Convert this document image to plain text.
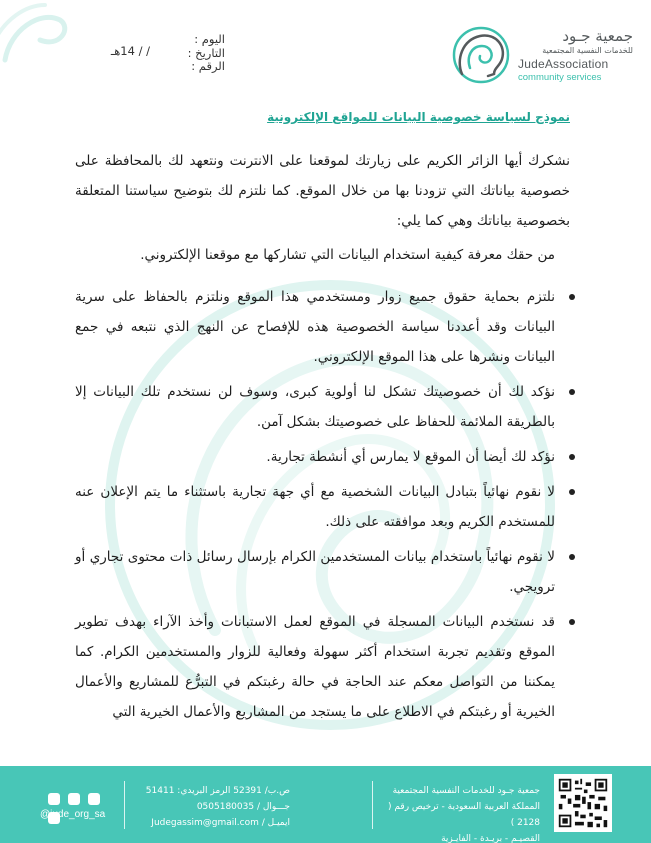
جمعية جـود
للخدمات النفسية المجتمعية
JudeAssociation
community services
اليوم :
التاريخ :
الرقم :
/ / 14هـ
نموذج لسياسة خصوصية البيانات للمواقع الإلكترونية

نشكرك أيها الزائر الكريم على زيارتك لموقعنا على الانترنت ونتعهد لك بالمحافظة على خصوصية بياناتك التي تزودنا بها من خلال الموقع. كما نلتزم لك بتوضيح سياستنا المتعلقة بخصوصية بياناتك وهي كما يلي:

من حقك معرفة كيفية استخدام البيانات التي تشاركها مع موقعنا الإلكتروني.

نلتزم بحماية حقوق جميع زوار ومستخدمي هذا الموقع ونلتزم بالحفاظ على سرية البيانات وقد أعددنا سياسة الخصوصية هذه للإفصاح عن النهج الذي نتبعه في جمع البيانات ونشرها على هذا الموقع الإلكتروني.
نؤكد لك أن خصوصيتك تشكل لنا أولوية كبرى، وسوف لن نستخدم تلك البيانات إلا بالطريقة الملائمة للحفاظ على خصوصيتك بشكل آمن.
نؤكد لك أيضا أن الموقع لا يمارس أي أنشطة تجارية.
لا نقوم نهائياً بتبادل البيانات الشخصية مع أي جهة تجارية باستثناء ما يتم الإعلان عنه للمستخدم الكريم وبعد موافقته على ذلك.
لا نقوم نهائياً باستخدام بيانات المستخدمين الكرام بإرسال رسائل ذات محتوى تجاري أو ترويجي.
قد نستخدم البيانات المسجلة في الموقع لعمل الاستبانات وأخذ الآراء بهدف تطوير الموقع وتقديم تجربة استخدام أكثر سهولة وفعالية للزوار والمستخدمين الكرام. كما يمكننا من التواصل معكم عند الحاجة في حالة رغبتكم في التبرُّع للمشاريع والأعمال الخيرية أو رغبتكم في الاطلاع على ما يستجد من المشاريع والأعمال الخيرية التي
جمعية جـود للخدمات النفسية المجتمعية
المملكة العربية السعودية - ترخيص رقم ( 2128 )
القصيـم - بريـدة - الفايـزية
ص.ب/ 52391 الرمز البريدي: 51411
جـــوال / 0505180035
ايميـل / Judegassim@gmail.com

@jude_org_sa
